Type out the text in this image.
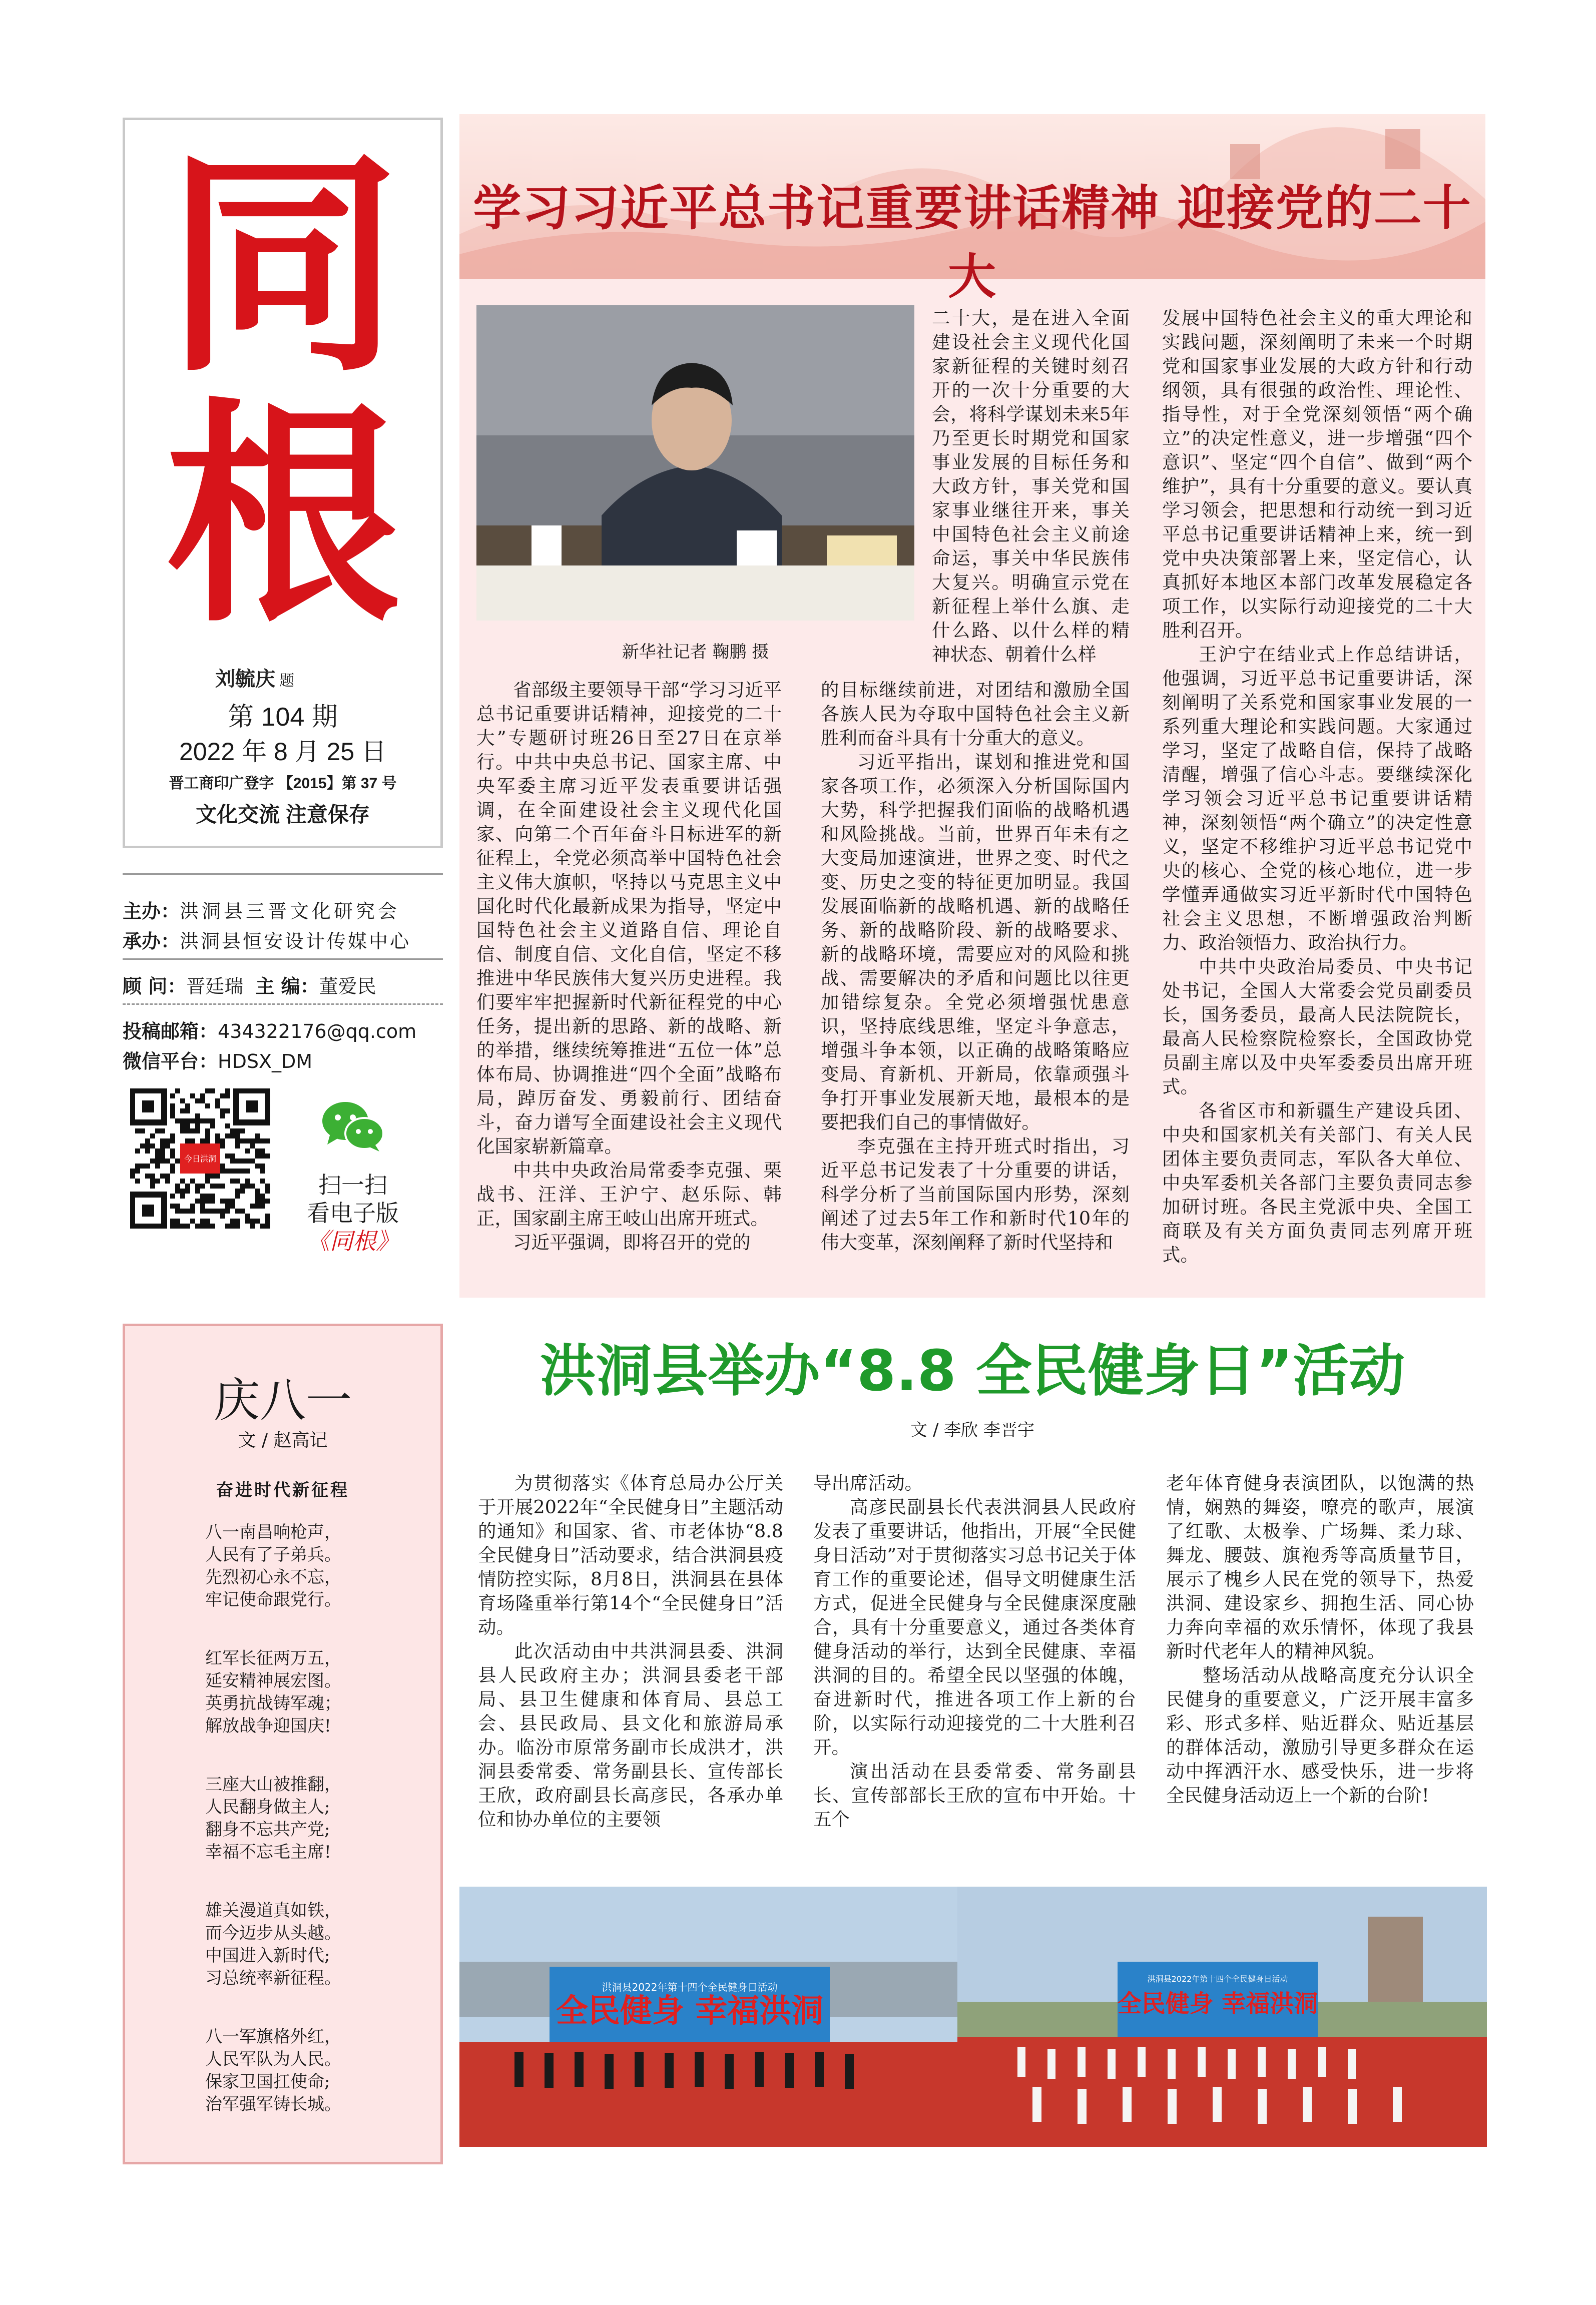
同
根
刘毓庆 题
第 104 期
2022 年 8 月 25 日
晋工商印广登字 【2015】第 37 号
文化交流 注意保存
主办：洪洞县三晋文化研究会
承办：洪洞县恒安设计传媒中心
顾 问：晋廷瑞 主 编：董爱民
投稿邮箱：434322176@qq.com
微信平台：HDSX_DM
今日洪洞
扫一扫
看电子版
《同根》
学习习近平总书记重要讲话精神 迎接党的二十大
新华社记者 鞠鹏 摄

省部级主要领导干部“学习习近平总书记重要讲话精神，迎接党的二十大”专题研讨班26日至27日在京举行。中共中央总书记、国家主席、中央军委主席习近平发表重要讲话强调，在全面建设社会主义现代化国家、向第二个百年奋斗目标进军的新征程上，全党必须高举中国特色社会主义伟大旗帜，坚持以马克思主义中国化时代化最新成果为指导，坚定中国特色社会主义道路自信、理论自信、制度自信、文化自信，坚定不移推进中华民族伟大复兴历史进程。我们要牢牢把握新时代新征程党的中心任务，提出新的思路、新的战略、新的举措，继续统筹推进“五位一体”总体布局、协调推进“四个全面”战略布局，踔厉奋发、勇毅前行、团结奋斗，奋力谱写全面建设社会主义现代化国家崭新篇章。

中共中央政治局常委李克强、栗战书、汪洋、王沪宁、赵乐际、韩正，国家副主席王岐山出席开班式。

习近平强调，即将召开的党的

二十大，是在进入全面建设社会主义现代化国家新征程的关键时刻召开的一次十分重要的大会，将科学谋划未来5年乃至更长时期党和国家事业发展的目标任务和大政方针，事关党和国家事业继往开来，事关中国特色社会主义前途命运，事关中华民族伟大复兴。明确宣示党在新征程上举什么旗、走什么路、以什么样的精神状态、朝着什么样

的目标继续前进，对团结和激励全国各族人民为夺取中国特色社会主义新胜利而奋斗具有十分重大的意义。

习近平指出，谋划和推进党和国家各项工作，必须深入分析国际国内大势，科学把握我们面临的战略机遇和风险挑战。当前，世界百年未有之大变局加速演进，世界之变、时代之变、历史之变的特征更加明显。我国发展面临新的战略机遇、新的战略任务、新的战略阶段、新的战略要求、新的战略环境，需要应对的风险和挑战、需要解决的矛盾和问题比以往更加错综复杂。全党必须增强忧患意识，坚持底线思维，坚定斗争意志，增强斗争本领，以正确的战略策略应变局、育新机、开新局，依靠顽强斗争打开事业发展新天地，最根本的是要把我们自己的事情做好。

李克强在主持开班式时指出，习近平总书记发表了十分重要的讲话，科学分析了当前国际国内形势，深刻阐述了过去5年工作和新时代10年的伟大变革，深刻阐释了新时代坚持和

发展中国特色社会主义的重大理论和实践问题，深刻阐明了未来一个时期党和国家事业发展的大政方针和行动纲领，具有很强的政治性、理论性、指导性，对于全党深刻领悟“两个确立”的决定性意义，进一步增强“四个意识”、坚定“四个自信”、做到“两个维护”，具有十分重要的意义。要认真学习领会，把思想和行动统一到习近平总书记重要讲话精神上来，统一到党中央决策部署上来，坚定信心，认真抓好本地区本部门改革发展稳定各项工作，以实际行动迎接党的二十大胜利召开。

王沪宁在结业式上作总结讲话，他强调，习近平总书记重要讲话，深刻阐明了关系党和国家事业发展的一系列重大理论和实践问题。大家通过学习，坚定了战略自信，保持了战略清醒，增强了信心斗志。要继续深化学习领会习近平总书记重要讲话精神，深刻领悟“两个确立”的决定性意义，坚定不移维护习近平总书记党中央的核心、全党的核心地位，进一步学懂弄通做实习近平新时代中国特色社会主义思想，不断增强政治判断力、政治领悟力、政治执行力。

中共中央政治局委员、中央书记处书记，全国人大常委会党员副委员长，国务委员，最高人民法院院长，最高人民检察院检察长，全国政协党员副主席以及中央军委委员出席开班式。

各省区市和新疆生产建设兵团、中央和国家机关有关部门、有关人民团体主要负责同志，军队各大单位、中央军委机关各部门主要负责同志参加研讨班。各民主党派中央、全国工商联及有关方面负责同志列席开班式。

庆八一
文 / 赵高记
奋进时代新征程
八一南昌响枪声，
人民有了子弟兵。
先烈初心永不忘，
牢记使命跟党行。
红军长征两万五，
延安精神展宏图。
英勇抗战铸军魂；
解放战争迎国庆!
三座大山被推翻，
人民翻身做主人;
翻身不忘共产党;
幸福不忘毛主席!
雄关漫道真如铁，
而今迈步从头越。
中国进入新时代;
习总统率新征程。
八一军旗格外红，
人民军队为人民。
保家卫国扛使命;
治军强军铸长城。
洪洞县举办“8.8 全民健身日”活动
文 / 李欣 李晋宇

为贯彻落实《体育总局办公厅关于开展2022年“全民健身日”主题活动的通知》和国家、省、市老体协“8.8全民健身日”活动要求，结合洪洞县疫情防控实际，8月8日，洪洞县在县体育场隆重举行第14个“全民健身日”活动。

此次活动由中共洪洞县委、洪洞县人民政府主办；洪洞县委老干部局、县卫生健康和体育局、县总工会、县民政局、县文化和旅游局承办。临汾市原常务副市长成洪才，洪洞县委常委、常务副县长、宣传部长王欣，政府副县长高彦民，各承办单位和协办单位的主要领

导出席活动。

高彦民副县长代表洪洞县人民政府发表了重要讲话，他指出，开展“全民健身日活动”对于贯彻落实习总书记关于体育工作的重要论述，倡导文明健康生活方式，促进全民健身与全民健康深度融合，具有十分重要意义，通过各类体育健身活动的举行，达到全民健康、幸福洪洞的目的。希望全民以坚强的体魄，奋进新时代，推进各项工作上新的台阶，以实际行动迎接党的二十大胜利召开。

演出活动在县委常委、常务副县长、宣传部部长王欣的宣布中开始。十五个

老年体育健身表演团队，以饱满的热情，娴熟的舞姿，嘹亮的歌声，展演了红歌、太极拳、广场舞、柔力球、舞龙、腰鼓、旗袍秀等高质量节目，展示了槐乡人民在党的领导下，热爱洪洞、建设家乡、拥抱生活、同心协力奔向幸福的欢乐情怀，体现了我县新时代老年人的精神风貌。

整场活动从战略高度充分认识全民健身的重要意义，广泛开展丰富多彩、形式多样、贴近群众、贴近基层的群体活动，激励引导更多群众在运动中挥洒汗水、感受快乐，进一步将全民健身活动迈上一个新的台阶!

洪洞县2022年第十四个全民健身日活动
全民健身 幸福洪洞
洪洞县2022年第十四个全民健身日活动
全民健身 幸福洪洞
